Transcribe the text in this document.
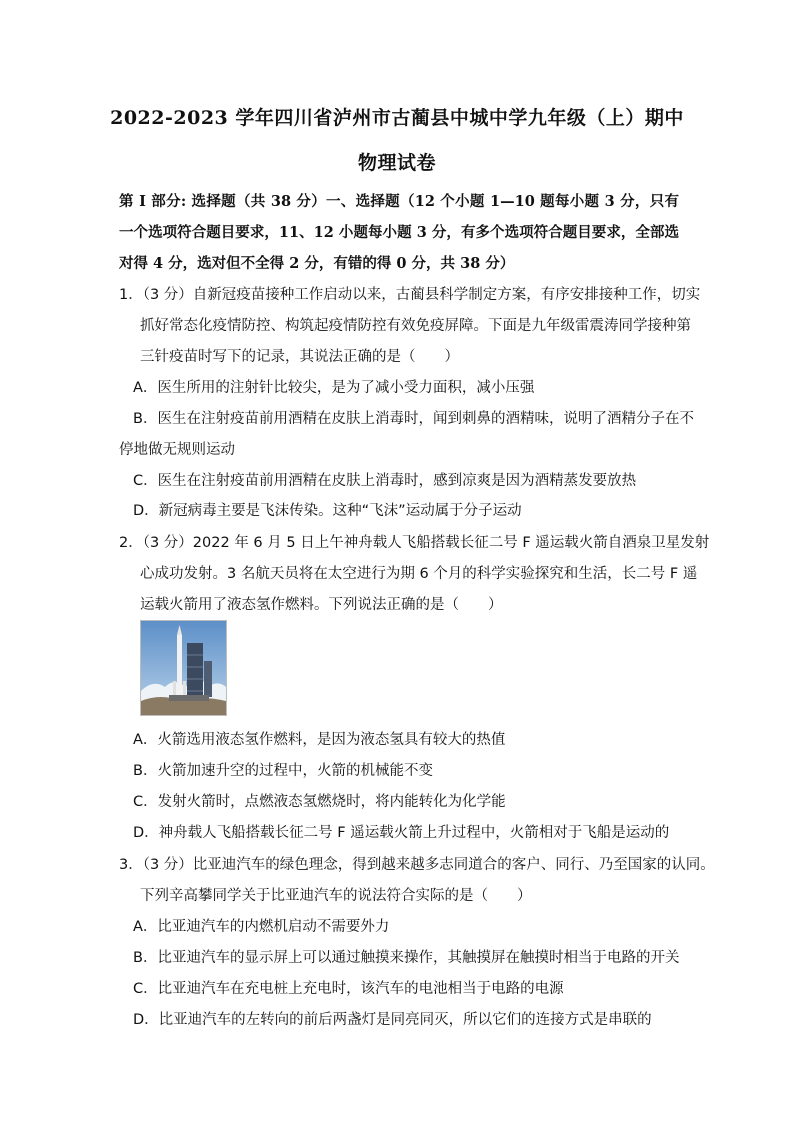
2022-2023 学年四川省泸州市古蔺县中城中学九年级（上）期中
物理试卷
第 I 部分: 选择题（共 38 分）一、选择题（12 个小题 1—10 题每小题 3 分，只有一个选项符合题目要求，11、12 小题每小题 3 分，有多个选项符合题目要求，全部选对得 4 分，选对但不全得 2 分，有错的得 0 分，共 38 分）
1．（3 分）自新冠疫苗接种工作启动以来，古蔺县科学制定方案，有序安排接种工作，切实
抓好常态化疫情防控、构筑起疫情防控有效免疫屏障。下面是九年级雷震涛同学接种第
三针疫苗时写下的记录，其说法正确的是（　　）
A．医生所用的注射针比较尖，是为了减小受力面积，减小压强
B．医生在注射疫苗前用酒精在皮肤上消毒时，闻到刺鼻的酒精味，说明了酒精分子在不
停地做无规则运动
C．医生在注射疫苗前用酒精在皮肤上消毒时，感到凉爽是因为酒精蒸发要放热
D．新冠病毒主要是飞沫传染。这种“飞沫”运动属于分子运动
2．（3 分）2022 年 6 月 5 日上午神舟载人飞船搭载长征二号 F 遥运载火箭自酒泉卫星发射
心成功发射。3 名航天员将在太空进行为期 6 个月的科学实验探究和生活，长二号 F 遥
运载火箭用了液态氢作燃料。下列说法正确的是（　　）
A．火箭选用液态氢作燃料，是因为液态氢具有较大的热值
B．火箭加速升空的过程中，火箭的机械能不变
C．发射火箭时，点燃液态氢燃烧时，将内能转化为化学能
D．神舟载人飞船搭载长征二号 F 遥运载火箭上升过程中，火箭相对于飞船是运动的
3．（3 分）比亚迪汽车的绿色理念，得到越来越多志同道合的客户、同行、乃至国家的认同。
下列辛高攀同学关于比亚迪汽车的说法符合实际的是（　　）
A．比亚迪汽车的内燃机启动不需要外力
B．比亚迪汽车的显示屏上可以通过触摸来操作，其触摸屏在触摸时相当于电路的开关
C．比亚迪汽车在充电桩上充电时，该汽车的电池相当于电路的电源
D．比亚迪汽车的左转向的前后两盏灯是同亮同灭，所以它们的连接方式是串联的
